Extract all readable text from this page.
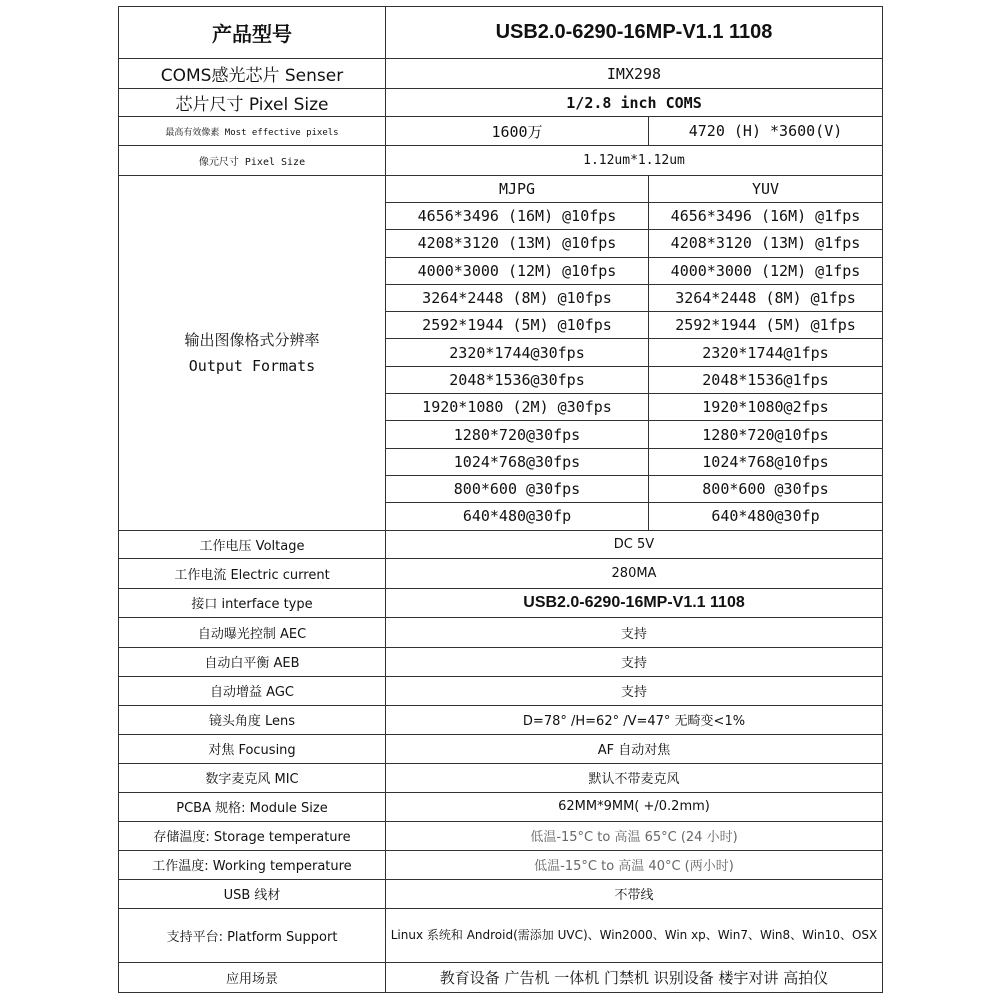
产品型号	USB2.0-6290-16MP-V1.1 1108	
COMS感光芯片 Senser	IMX298	
芯片尺寸 Pixel Size	1/2.8 inch COMS	
最高有效像素 Most effective pixels	1600万	4720 (H) *3600(V)
像元尺寸 Pixel Size	1.12um*1.12um	

输出图像格式分辨率
Output Formats	MJPG	YUV
	4656*3496 (16M) @10fps	4656*3496 (16M) @1fps
	4208*3120 (13M) @10fps	4208*3120 (13M) @1fps
	4000*3000 (12M) @10fps	4000*3000 (12M) @1fps
	3264*2448 (8M) @10fps	3264*2448 (8M) @1fps
	2592*1944 (5M) @10fps	2592*1944 (5M) @1fps
	2320*1744@30fps	2320*1744@1fps
	2048*1536@30fps	2048*1536@1fps
	1920*1080 (2M) @30fps	1920*1080@2fps
	1280*720@30fps	1280*720@10fps
	1024*768@30fps	1024*768@10fps
	800*600 @30fps	800*600 @30fps
	640*480@30fp	640*480@30fp
工作电压 Voltage	DC 5V	
工作电流 Electric current	280MA	
接口 interface type	USB2.0-6290-16MP-V1.1 1108	
自动曝光控制 AEC	支持	
自动白平衡 AEB	支持	
自动增益 AGC	支持	
镜头角度 Lens	D=78° /H=62° /V=47° 无畸变<1%	
对焦 Focusing	AF 自动对焦	
数字麦克风 MIC	默认不带麦克风	
PCBA 规格: Module Size	62MM*9MM( +/0.2mm)	
存储温度: Storage temperature	低温-15°C to 高温 65°C (24 小时)	
工作温度: Working temperature	低温-15°C to 高温 40°C (两小时)	
USB 线材	不带线	
支持平台: Platform Support	Linux 系统和 Android(需添加 UVC)、Win2000、Win xp、Win7、Win8、Win10、OSX	
应用场景	教育设备 广告机 一体机 门禁机 识别设备 楼宇对讲 高拍仪	
